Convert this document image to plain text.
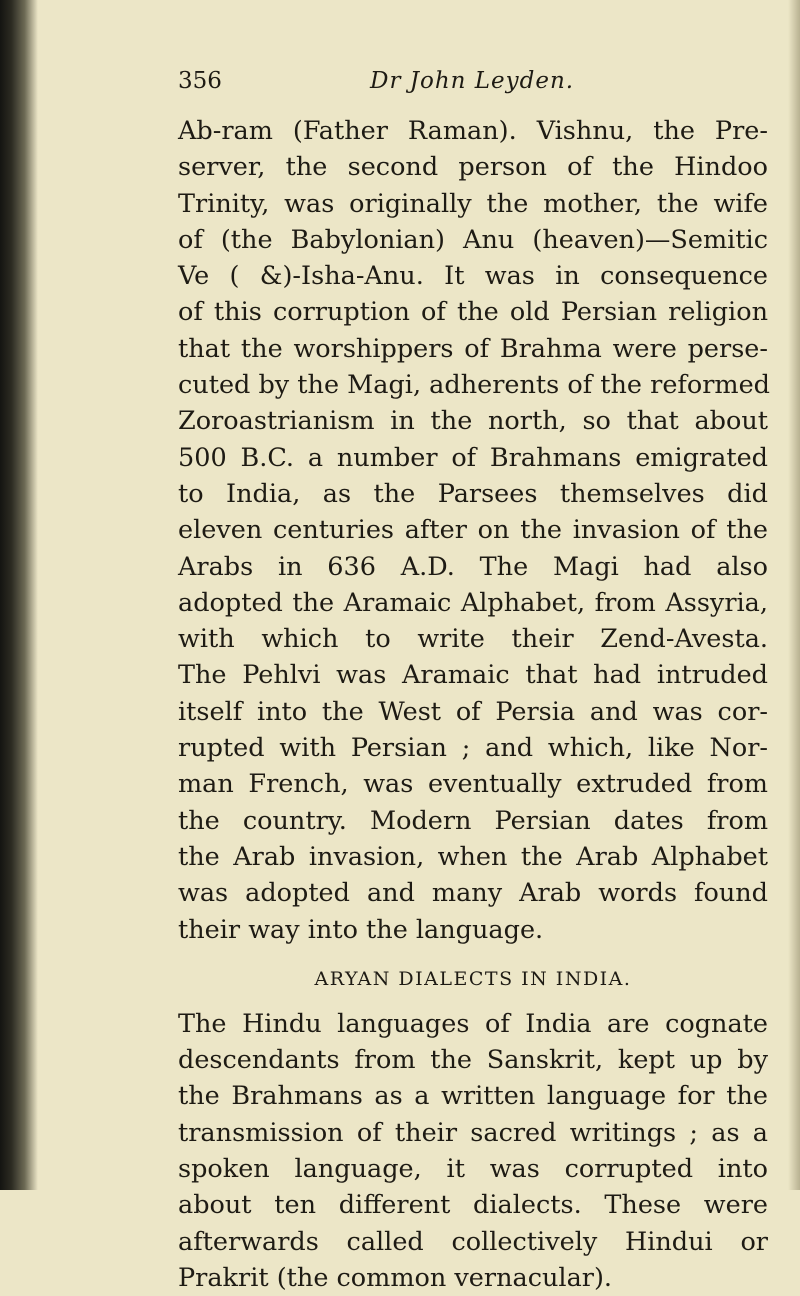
356	Dr John Leyden.
Ab-ram (Father Raman). Vishnu, the Pre-
server, the second person of the Hindoo
Trinity, was originally the mother, the wife
of (the Babylonian) Anu (heaven)—Semitic
Ve ( &)-Isha-Anu. It was in consequence
of this corruption of the old Persian religion
that the worshippers of Brahma were perse-
cuted by the Magi, adherents of the reformed
Zoroastrianism in the north, so that about
500 B.C. a number of Brahmans emigrated
to India, as the Parsees themselves did
eleven centuries after on the invasion of the
Arabs in 636 A.D. The Magi had also
adopted the Aramaic Alphabet, from Assyria,
with which to write their Zend-Avesta.
The Pehlvi was Aramaic that had intruded
itself into the West of Persia and was cor-
rupted with Persian ; and which, like Nor-
man French, was eventually extruded from
the country. Modern Persian dates from
the Arab invasion, when the Arab Alphabet
was adopted and many Arab words found
their way into the language.
ARYAN DIALECTS IN INDIA.
The Hindu languages of India are cognate
descendants from the Sanskrit, kept up by
the Brahmans as a written language for the
transmission of their sacred writings ; as a
spoken language, it was corrupted into
about ten different dialects. These were
afterwards called collectively Hindui or
Prakrit (the common vernacular).
